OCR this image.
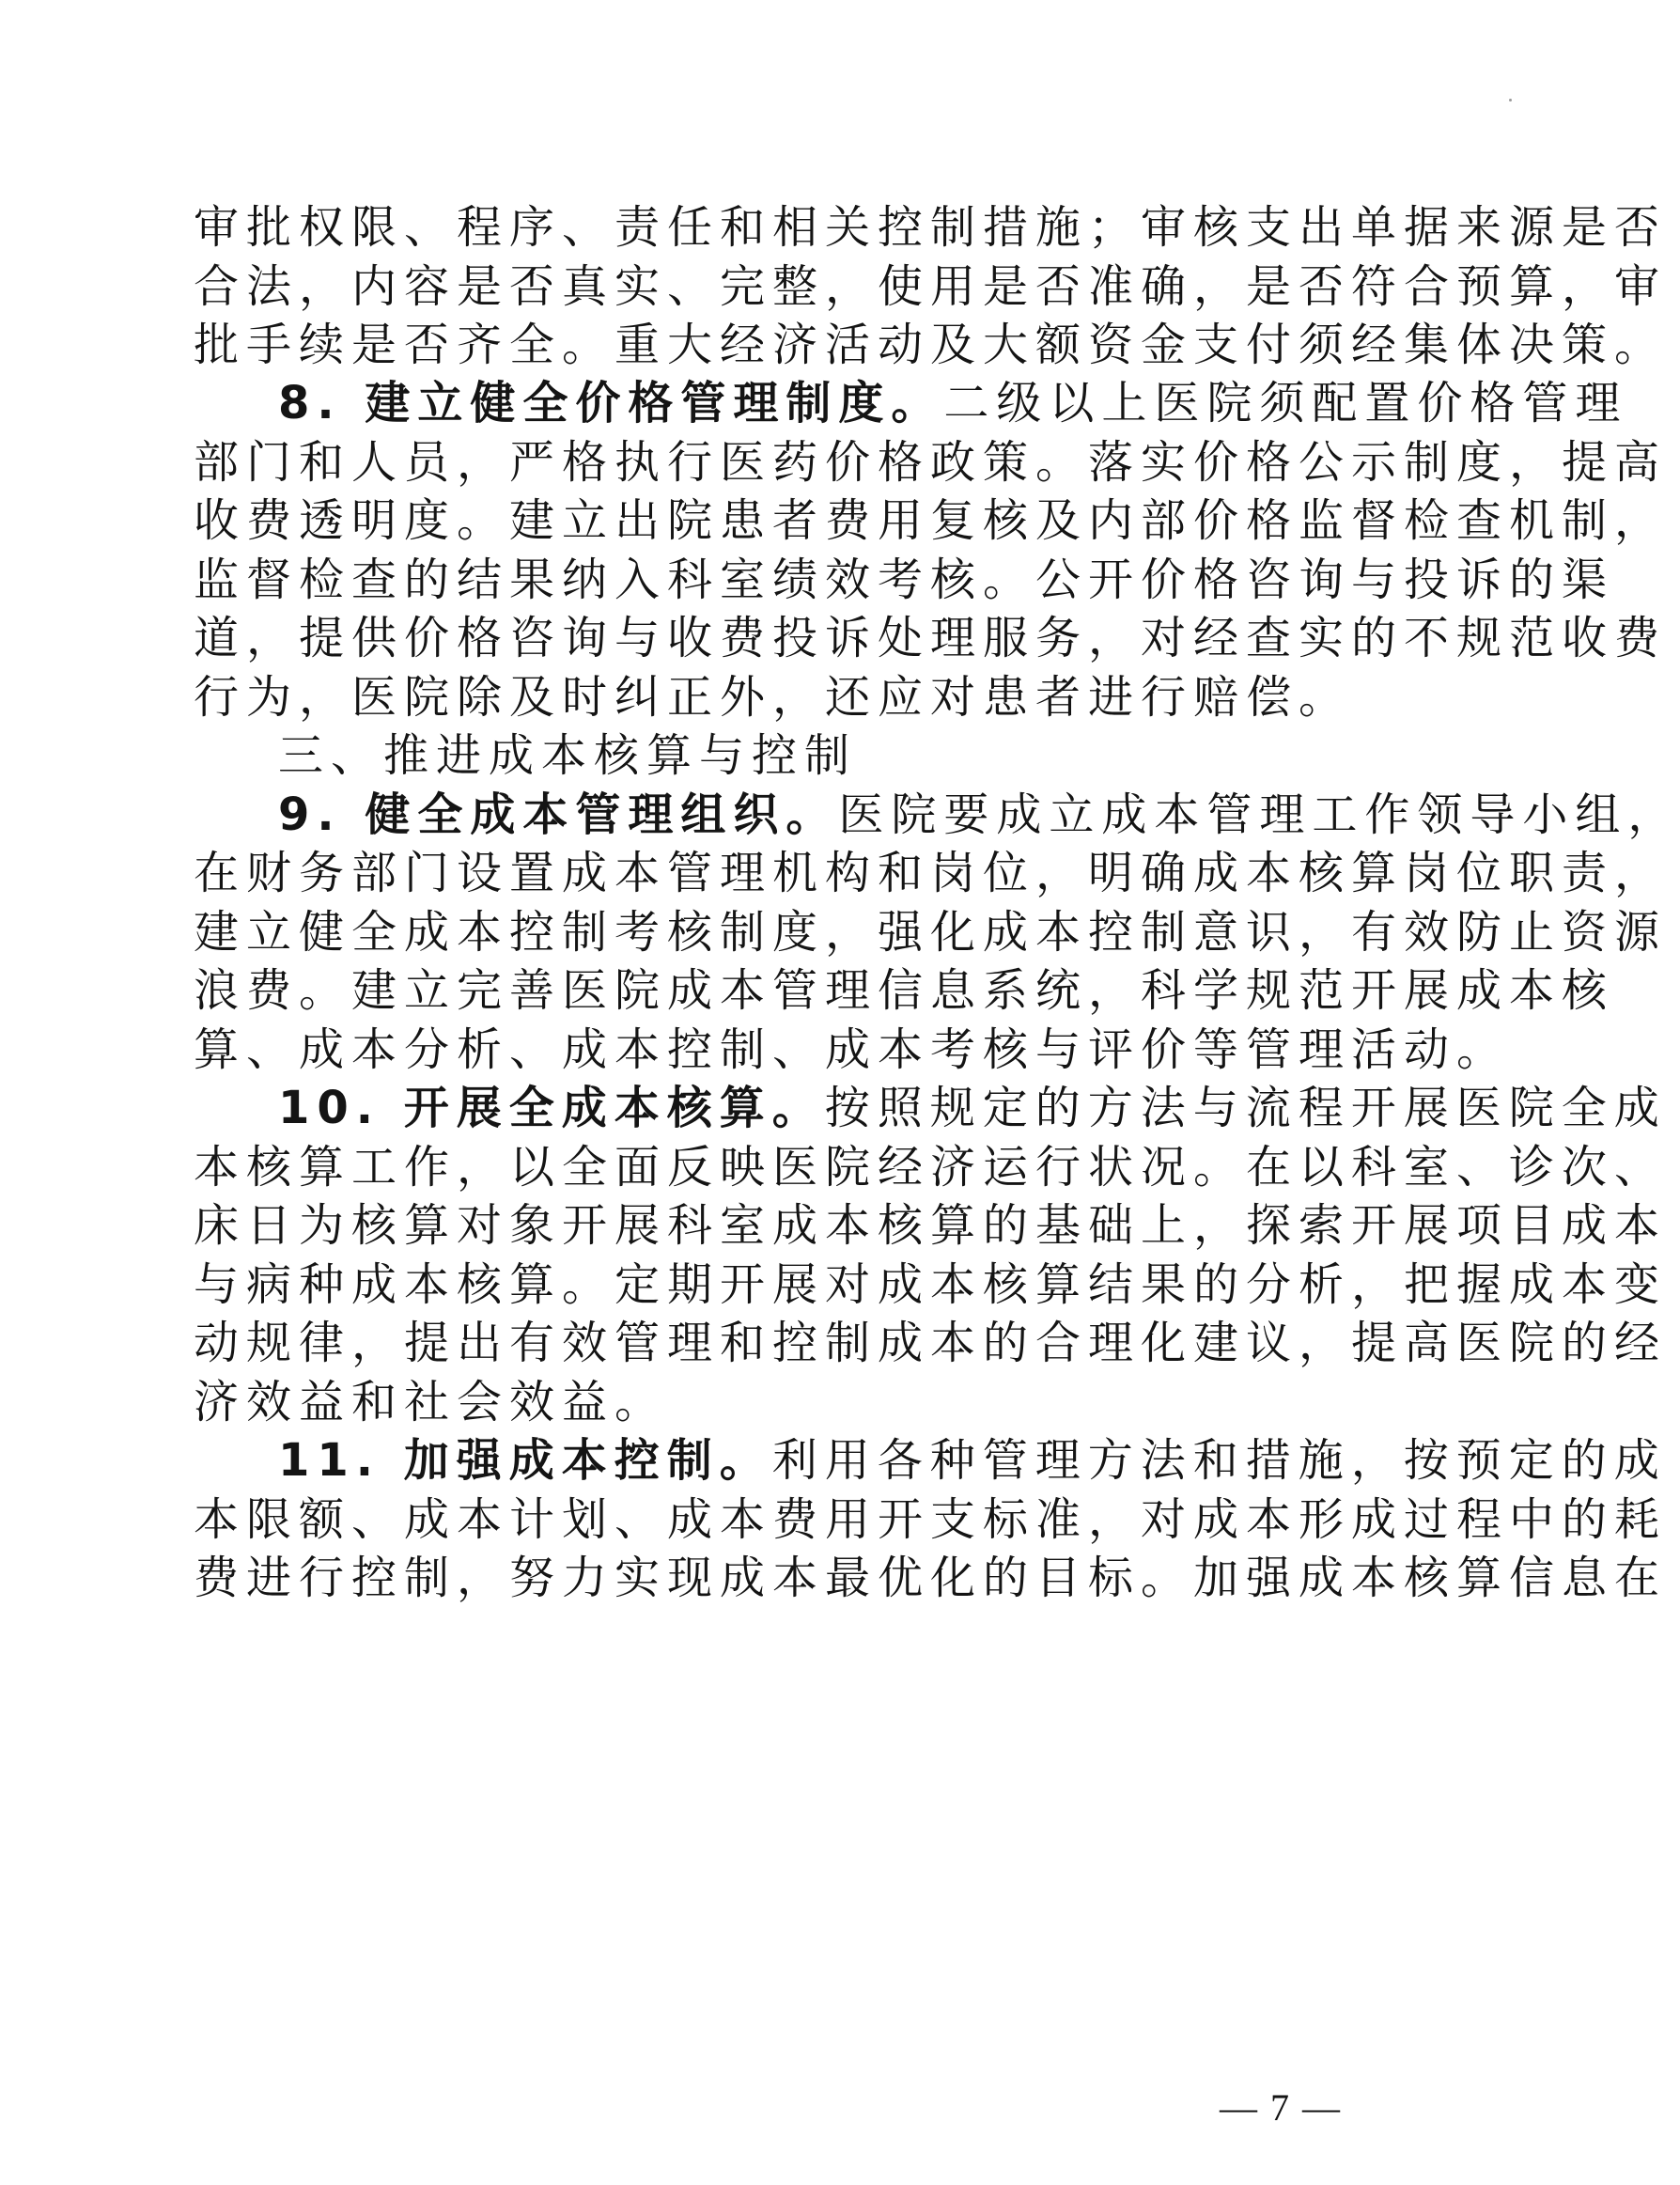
审批权限、程序、责任和相关控制措施；审核支出单据来源是否
合法，内容是否真实、完整，使用是否准确，是否符合预算，审
批手续是否齐全。重大经济活动及大额资金支付须经集体决策。
8. 建立健全价格管理制度。二级以上医院须配置价格管理
部门和人员，严格执行医药价格政策。落实价格公示制度，提高
收费透明度。建立出院患者费用复核及内部价格监督检查机制，
监督检查的结果纳入科室绩效考核。公开价格咨询与投诉的渠
道，提供价格咨询与收费投诉处理服务，对经查实的不规范收费
行为，医院除及时纠正外，还应对患者进行赔偿。
三、推进成本核算与控制
9. 健全成本管理组织。医院要成立成本管理工作领导小组，
在财务部门设置成本管理机构和岗位，明确成本核算岗位职责，
建立健全成本控制考核制度，强化成本控制意识，有效防止资源
浪费。建立完善医院成本管理信息系统，科学规范开展成本核
算、成本分析、成本控制、成本考核与评价等管理活动。
10. 开展全成本核算。按照规定的方法与流程开展医院全成
本核算工作，以全面反映医院经济运行状况。在以科室、诊次、
床日为核算对象开展科室成本核算的基础上，探索开展项目成本
与病种成本核算。定期开展对成本核算结果的分析，把握成本变
动规律，提出有效管理和控制成本的合理化建议，提高医院的经
济效益和社会效益。
11. 加强成本控制。利用各种管理方法和措施，按预定的成
本限额、成本计划、成本费用开支标准，对成本形成过程中的耗
费进行控制，努力实现成本最优化的目标。加强成本核算信息在
— 7 —
